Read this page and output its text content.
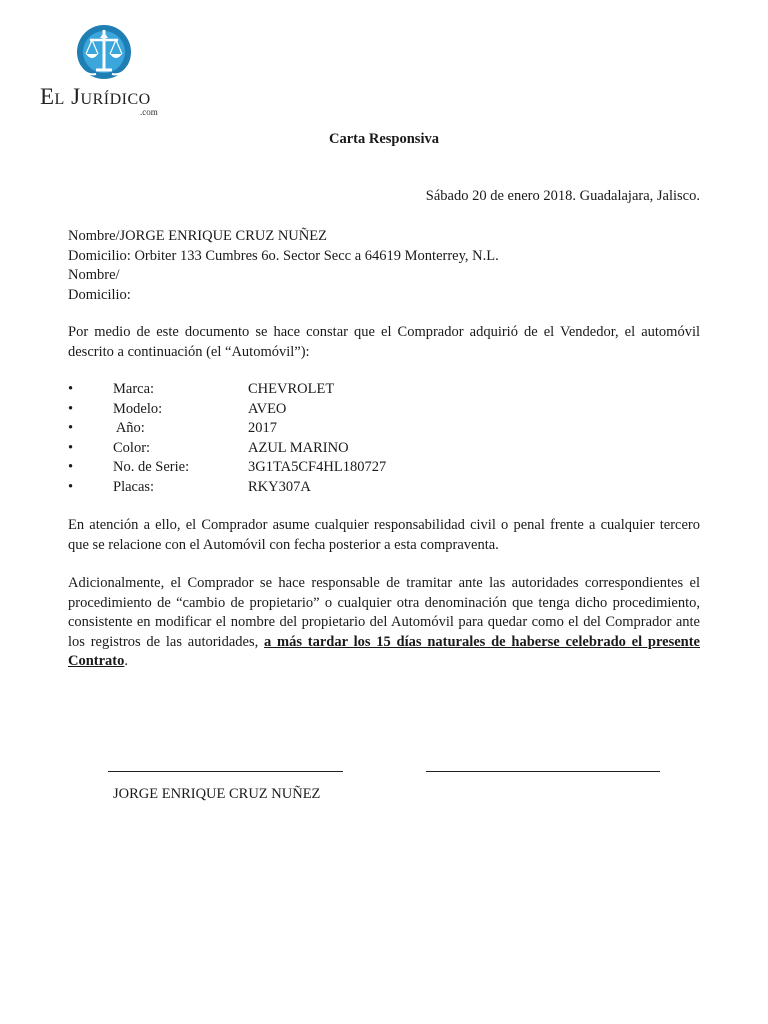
El Jurídico
.com
Carta Responsiva
Sábado 20 de enero 2018. Guadalajara, Jalisco.
Nombre/JORGE ENRIQUE CRUZ NUÑEZ
Domicilio: Orbiter 133 Cumbres 6o. Sector Secc a 64619 Monterrey, N.L.
Nombre/
Domicilio:
Por medio de este documento se hace constar que el Comprador adquirió de el Vendedor, el automóvil descrito a continuación (el “Automóvil”):
•
Marca:	CHEVROLET
•
Modelo:	AVEO
•
Año:	2017
•
Color:	AZUL MARINO
•
No. de Serie:	3G1TA5CF4HL180727
•
Placas:	RKY307A
En atención a ello, el Comprador asume cualquier responsabilidad civil o penal frente a cualquier tercero que se relacione con el Automóvil con fecha posterior a esta compraventa.
Adicionalmente, el Comprador se hace responsable de tramitar ante las autoridades correspondientes el procedimiento de “cambio de propietario” o cualquier otra denominación que tenga dicho procedimiento, consistente en modificar el nombre del propietario del Automóvil para quedar como el del Comprador ante los registros de las autoridades, a más tardar los 15 días naturales de haberse celebrado el presente Contrato.
JORGE ENRIQUE CRUZ NUÑEZ
